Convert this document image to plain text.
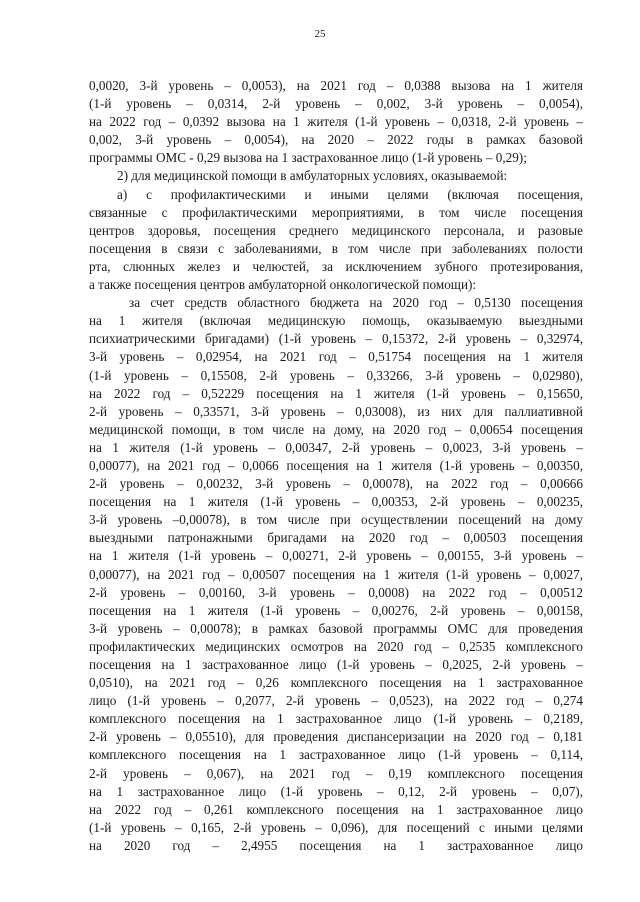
25
0,0020, 3-й уровень – 0,0053), на 2021 год – 0,0388 вызова на 1 жителя
(1-й уровень – 0,0314, 2-й уровень – 0,002, 3-й уровень – 0,0054),
на 2022 год – 0,0392 вызова на 1 жителя (1-й уровень – 0,0318, 2-й уровень –
0,002, 3-й уровень – 0,0054), на 2020 – 2022 годы в рамках базовой
программы ОМС - 0,29 вызова на 1 застрахованное лицо (1-й уровень – 0,29);
2) для медицинской помощи в амбулаторных условиях, оказываемой:
а) с профилактическими и иными целями (включая посещения,
связанные с профилактическими мероприятиями, в том числе посещения
центров здоровья, посещения среднего медицинского персонала, и разовые
посещения в связи с заболеваниями, в том числе при заболеваниях полости
рта, слюнных желез и челюстей, за исключением зубного протезирования,
а также посещения центров амбулаторной онкологической помощи):
за счет средств областного бюджета на 2020 год – 0,5130 посещения
на 1 жителя (включая медицинскую помощь, оказываемую выездными
психиатрическими бригадами) (1-й уровень – 0,15372, 2-й уровень – 0,32974,
3-й уровень – 0,02954, на 2021 год – 0,51754 посещения на 1 жителя
(1-й уровень – 0,15508, 2-й уровень – 0,33266, 3-й уровень – 0,02980),
на 2022 год – 0,52229 посещения на 1 жителя (1-й уровень – 0,15650,
2-й уровень – 0,33571, 3-й уровень – 0,03008), из них для паллиативной
медицинской помощи, в том числе на дому, на 2020 год – 0,00654 посещения
на 1 жителя (1-й уровень – 0,00347, 2-й уровень – 0,0023, 3-й уровень –
0,00077), на 2021 год – 0,0066 посещения на 1 жителя (1-й уровень – 0,00350,
2-й уровень – 0,00232, 3-й уровень – 0,00078), на 2022 год – 0,00666
посещения на 1 жителя (1-й уровень – 0,00353, 2-й уровень – 0,00235,
3-й уровень –0,00078), в том числе при осуществлении посещений на дому
выездными патронажными бригадами на 2020 год – 0,00503 посещения
на 1 жителя (1-й уровень – 0,00271, 2-й уровень – 0,00155, 3-й уровень –
0,00077), на 2021 год – 0,00507 посещения на 1 жителя (1-й уровень – 0,0027,
2-й уровень – 0,00160, 3-й уровень – 0,0008) на 2022 год – 0,00512
посещения на 1 жителя (1-й уровень – 0,00276, 2-й уровень – 0,00158,
3-й уровень – 0,00078); в рамках базовой программы ОМС для проведения
профилактических медицинских осмотров на 2020 год – 0,2535 комплексного
посещения на 1 застрахованное лицо (1-й уровень – 0,2025, 2-й уровень –
0,0510), на 2021 год – 0,26 комплексного посещения на 1 застрахованное
лицо (1-й уровень – 0,2077, 2-й уровень – 0,0523), на 2022 год – 0,274
комплексного посещения на 1 застрахованное лицо (1-й уровень – 0,2189,
2-й уровень – 0,05510), для проведения диспансеризации на 2020 год – 0,181
комплексного посещения на 1 застрахованное лицо (1-й уровень – 0,114,
2-й уровень – 0,067), на 2021 год – 0,19 комплексного посещения
на 1 застрахованное лицо (1-й уровень – 0,12, 2-й уровень – 0,07),
на 2022 год – 0,261 комплексного посещения на 1 застрахованное лицо
(1-й уровень – 0,165, 2-й уровень – 0,096), для посещений с иными целями
на 2020 год – 2,4955 посещения на 1 застрахованное лицо
